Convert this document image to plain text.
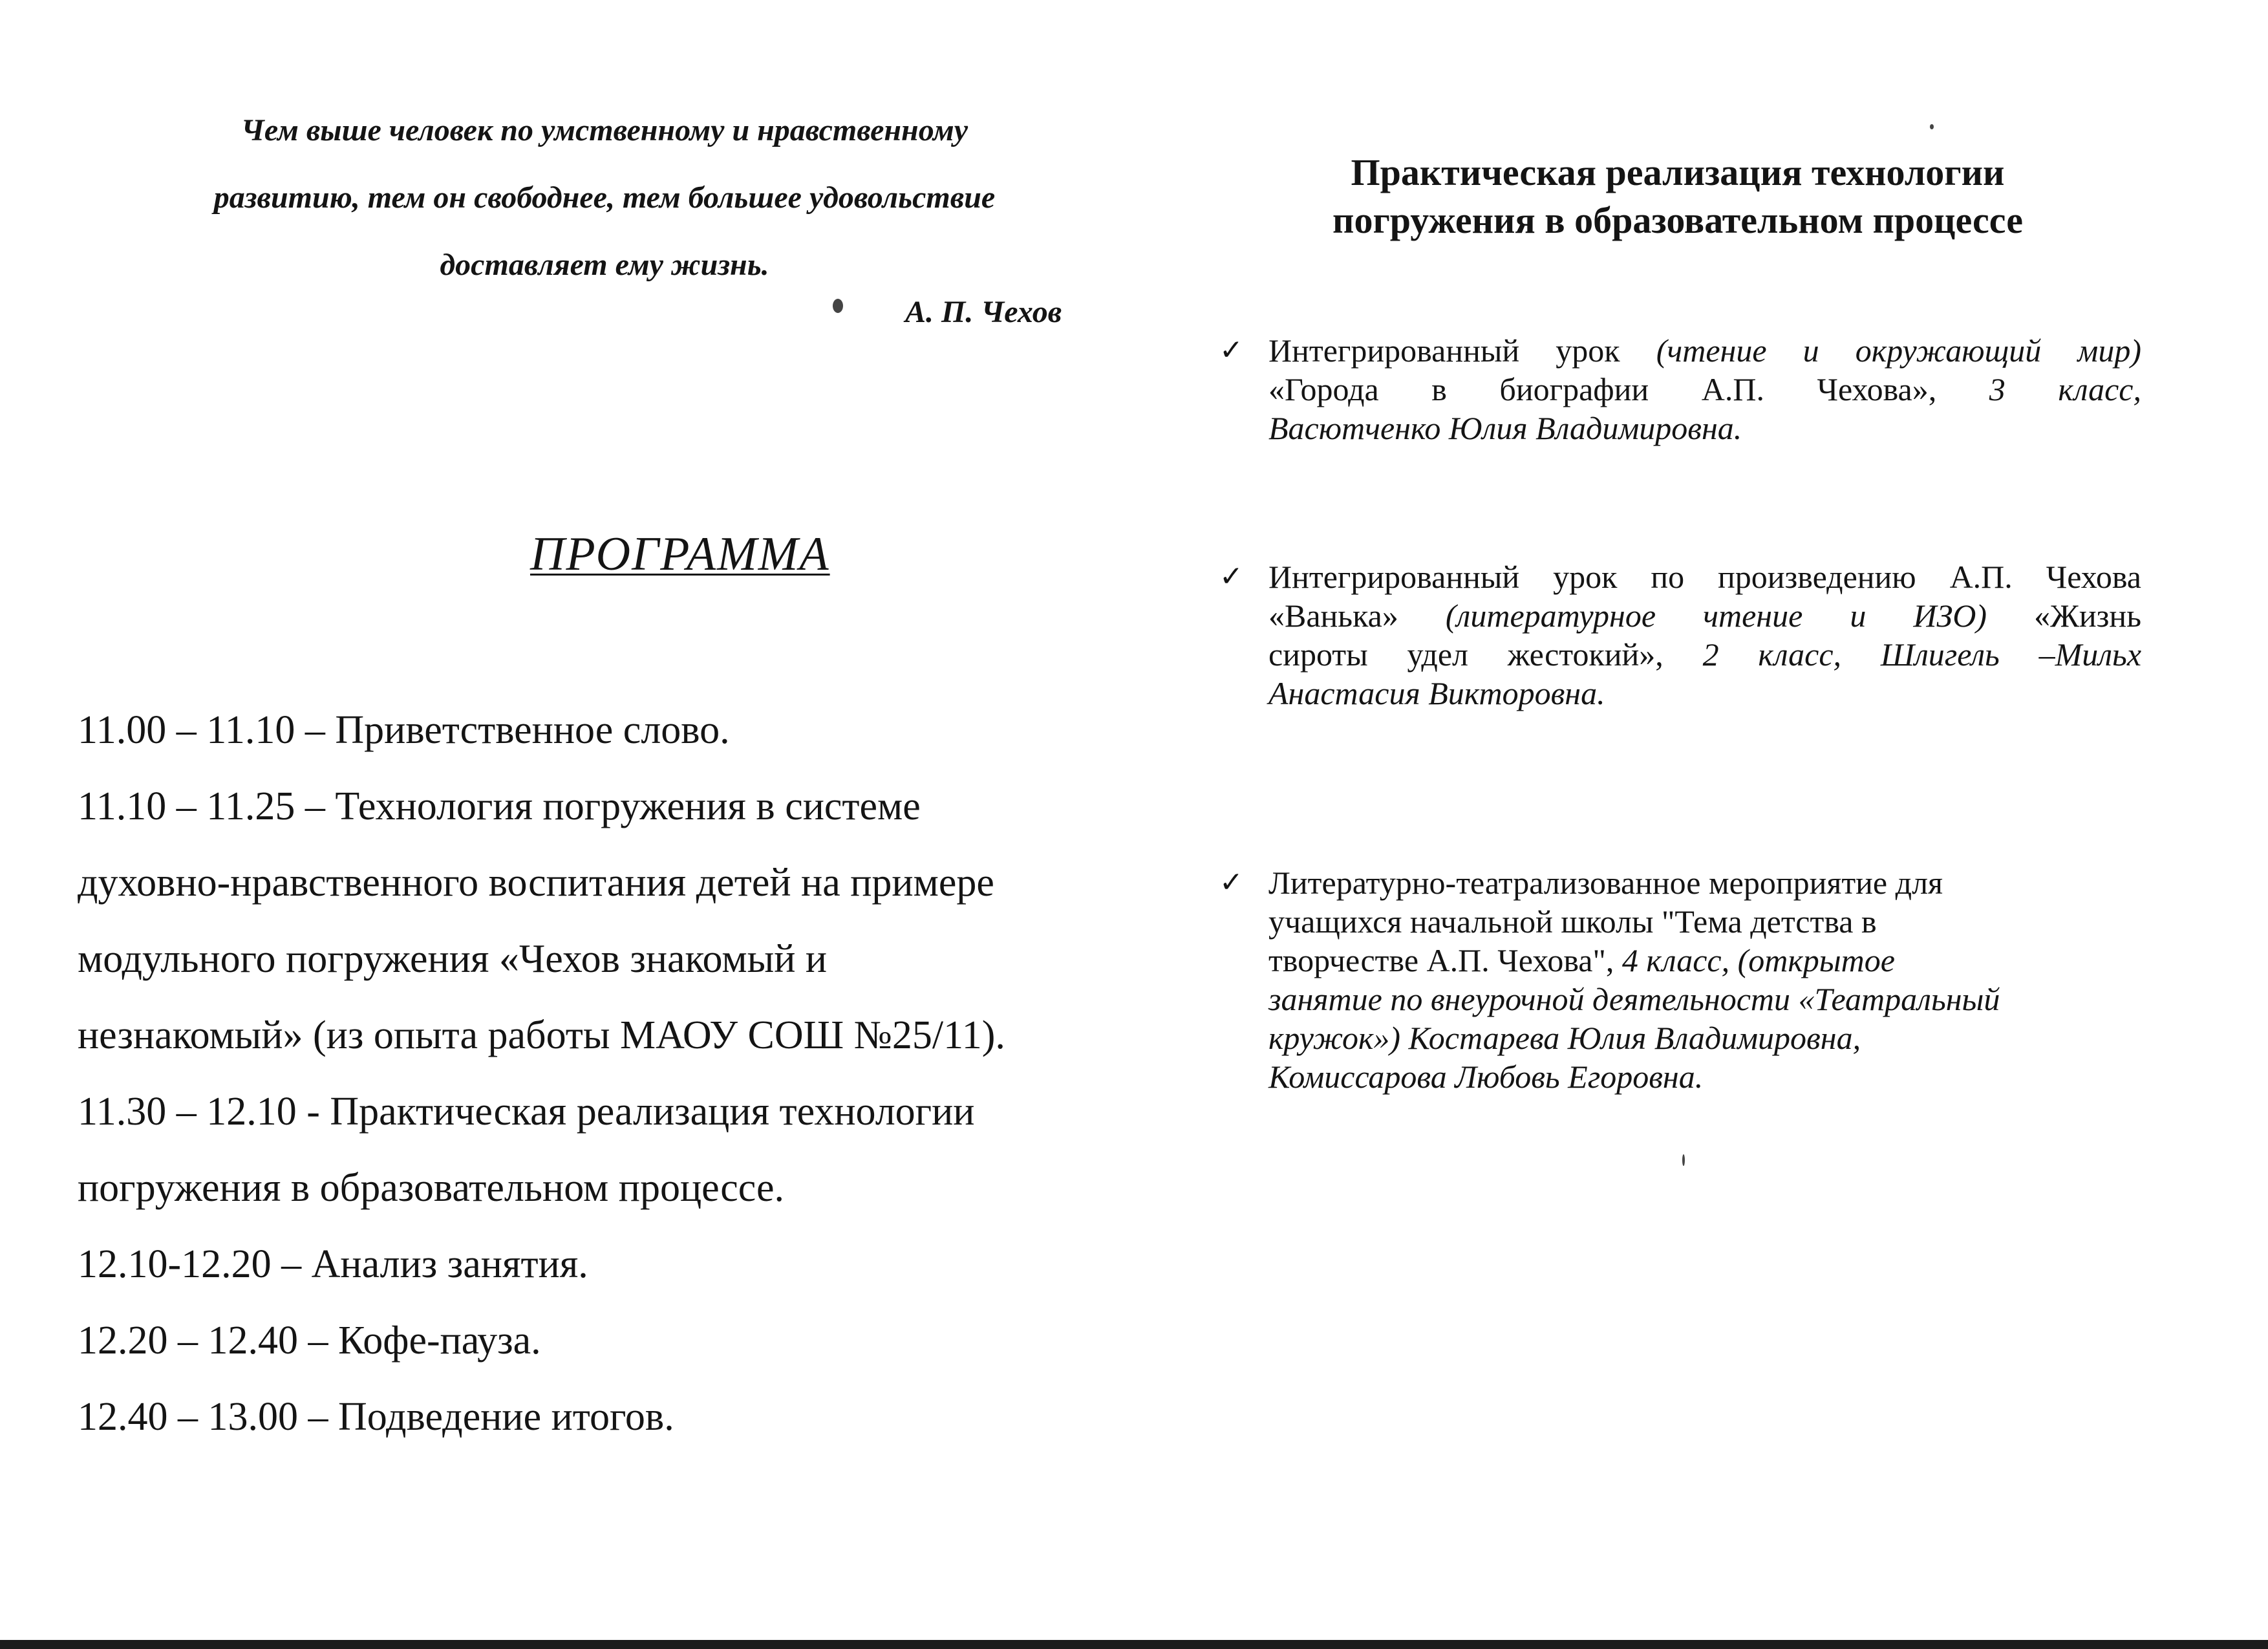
Чем выше человек по умственному и нравственному
развитию, тем он свободнее, тем большее удовольствие
доставляет ему жизнь.
А. П. Чехов
ПРОГРАММА
11.00 – 11.10 – Приветственное слово.
11.10 – 11.25 – Технология погружения в системе
духовно-нравственного воспитания детей на примере
модульного погружения «Чехов знакомый и
незнакомый» (из опыта работы МАОУ СОШ №25/11).
11.30 – 12.10 - Практическая реализация технологии
погружения в образовательном процессе.
12.10-12.20 – Анализ занятия.
12.20 – 12.40 – Кофе-пауза.
12.40 – 13.00 – Подведение итогов.
Практическая реализация технологии
погружения в образовательном процессе
✓ Интегрированный урок (чтение и окружающий мир)
«Города в биографии А.П. Чехова», 3 класс,
Васютченко Юлия Владимировна.
✓ Интегрированный урок по произведению А.П. Чехова
«Ванька» (литературное чтение и ИЗО) «Жизнь
сироты удел жестокий», 2 класс, Шлигель –Мильх
Анастасия Викторовна.
✓ Литературно-театрализованное мероприятие для
учащихся начальной школы "Тема детства в
творчестве А.П. Чехова", 4 класс, (открытое
занятие по внеурочной деятельности «Театральный
кружок») Костарева Юлия Владимировна,
Комиссарова Любовь Егоровна.
